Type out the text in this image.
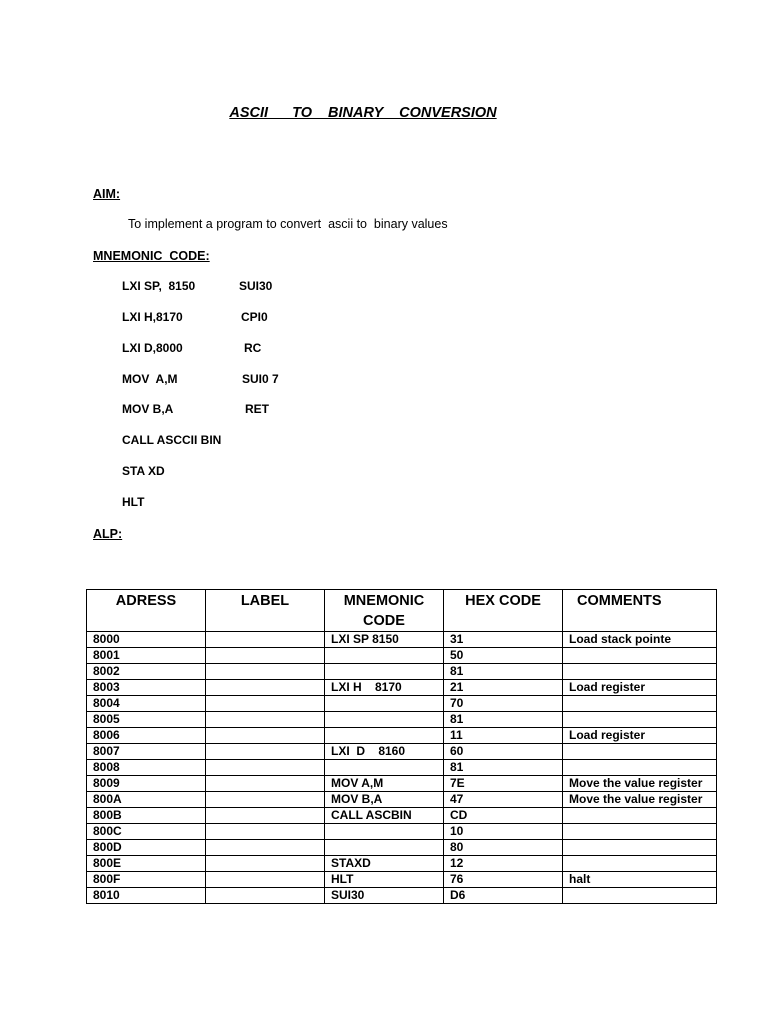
ASCII   TO  BINARY  CONVERSION
AIM:
To implement a program to convert  ascii to  binary values
MNEMONIC  CODE:
LXI SP,  8150
LXI H,8170
LXI D,8000
MOV  A,M
MOV B,A
CALL ASCCII BIN
STA XD
HLT
SUI30
CPI0
RC
SUI0 7
RET
ALP:
ADRESS	LABEL	MNEMONIC CODE	HEX CODE	COMMENTS
8000		LXI SP 8150	31	Load stack pointe
8001			50	
8002			81	
8003		LXI H    8170	21	Load register
8004			70	
8005			81	
8006			11	Load register
8007		LXI  D    8160	60	
8008			81	
8009		MOV A,M	7E	Move the value register
800A		MOV B,A	47	Move the value register
800B		CALL ASCBIN	CD	
800C			10	
800D			80	
800E		STAXD	12	
800F		HLT	76	halt
8010		SUI30	D6	
